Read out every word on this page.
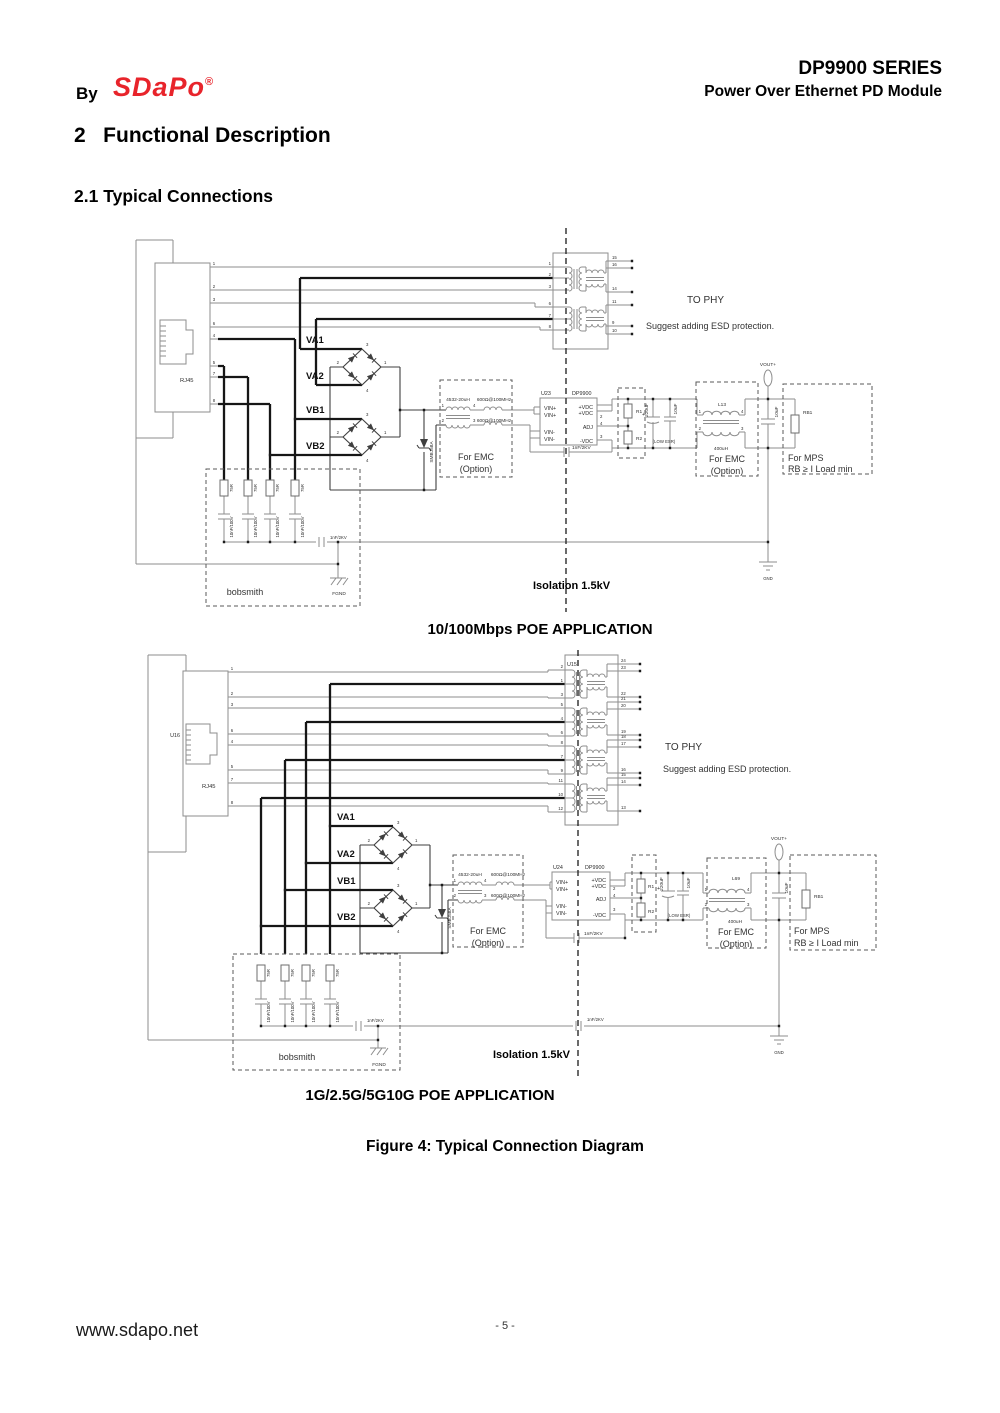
By SDaPo®
DP9900 SERIES
Power Over Ethernet PD Module
2   Functional Description
2.1 Typical Connections
Figure 4: Typical Connection Diagram
www.sdapo.net	- 5 -
RJ45
1
2
3
6
4
5
7
8
1
2
3
6
7
8
15
16
14
11
9
10
2	1
3
4
2	1
3
4	SMBJ58A
4532-20uH 600Ω@100MHz
600Ω@100MHz
1	4
2	3
For EMC
(Option)
U23	DP9900
VIN+
VIN+
VIN-
VIN-
+VDC
+VDC
ADJ
-VDC
2
4
3
1nF/2KV
R1
R2
+ 220uF
(LOW ESR)
10uF	L13
1	4
2	3
400uH
For EMC
(Option)
VOUT+
10uF	RB1
GND
For MPS
RB ≥ I Load min
75R	75R	75R	75R
10nF/100V	10nF/100V	10nF/100V	10nF/100V	1nF/2KV
FGND
bobsmith	Isolation 1.5kV
VA1
VA2
VB1
VB2
TO PHY
Suggest adding ESD protection.
10/100Mbps POE APPLICATION
U16
RJ45
1
2
3
6
4
5
7
8
U15
2
1
3
5
4
6
8
7
9
11
10
12
24
23
22
21
20
19
18
17
16
15
14
13
2	1
3
4
2	1
3
4
SMBJ58A
4532-20uH 600Ω@100MHz
600Ω@100MHz
1	4
2	3
For EMC
(Option)
U24	DP9900
VIN+
VIN+
VIN-
VIN-
+VDC
+VDC
ADJ
-VDC
2
4
3
1nF/2KV
R1
R2
+ 220uF
(LOW ESR)
10uF	L69
1	4
2	3
400uH
For EMC
(Option)
VOUT+
10uF
RB1
GND
For MPS
RB ≥ I Load min
75R	75R	75R	75R
10nF/100V	10nF/100V	10nF/100V	10nF/100V	1nF/2KV
FGND
bobsmith
1nF/2KV
Isolation 1.5kV
VA1
VA2
VB1
VB2
TO PHY
Suggest adding ESD protection.
1G/2.5G/5G10G POE APPLICATION
